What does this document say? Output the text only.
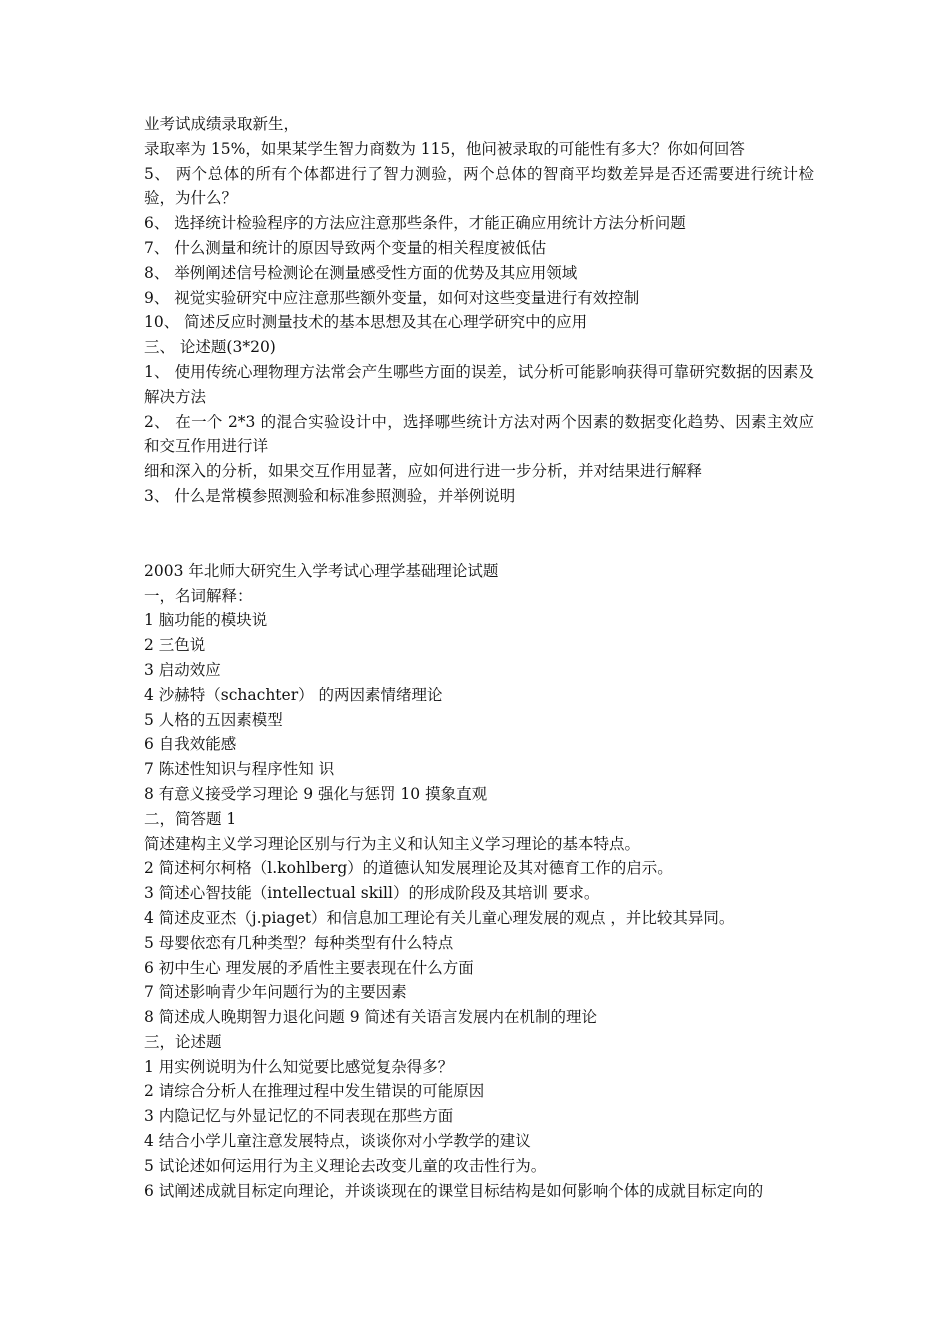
业考试成绩录取新生，

录取率为 15%，如果某学生智力商数为 115，他问被录取的可能性有多大？你如何回答

5、 两个总体的所有个体都进行了智力测验，两个总体的智商平均数差异是否还需要进行统计检验，为什么？

6、 选择统计检验程序的方法应注意那些条件，才能正确应用统计方法分析问题

7、 什么测量和统计的原因导致两个变量的相关程度被低估

8、 举例阐述信号检测论在测量感受性方面的优势及其应用领域

9、 视觉实验研究中应注意那些额外变量，如何对这些变量进行有效控制

10、 简述反应时测量技术的基本思想及其在心理学研究中的应用

三、 论述题(3*20)

1、 使用传统心理物理方法常会产生哪些方面的误差，试分析可能影响获得可靠研究数据的因素及解决方法

2、 在一个 2*3 的混合实验设计中，选择哪些统计方法对两个因素的数据变化趋势、因素主效应和交互作用进行详

细和深入的分析，如果交互作用显著，应如何进行进一步分析，并对结果进行解释

3、 什么是常模参照测验和标准参照测验，并举例说明

2003 年北师大研究生入学考试心理学基础理论试题

一，名词解释：

1 脑功能的模块说

2 三色说

3 启动效应

4 沙赫特（schachter） 的两因素情绪理论

5 人格的五因素模型

6 自我效能感

7 陈述性知识与程序性知 识

8 有意义接受学习理论 9 强化与惩罚 10 摸象直观

二，简答题 1

简述建构主义学习理论区别与行为主义和认知主义学习理论的基本特点。

2 简述柯尔柯格（l.kohlberg）的道德认知发展理论及其对德育工作的启示。

3 简述心智技能（intellectual skill）的形成阶段及其培训 要求。

4 简述皮亚杰（j.piaget）和信息加工理论有关儿童心理发展的观点 ，并比较其异同。

5 母婴依恋有几种类型？每种类型有什么特点

6 初中生心 理发展的矛盾性主要表现在什么方面

7 简述影响青少年问题行为的主要因素

8 简述成人晚期智力退化问题 9 简述有关语言发展内在机制的理论

三，论述题

1 用实例说明为什么知觉要比感觉复杂得多？

2 请综合分析人在推理过程中发生错误的可能原因

3 内隐记忆与外显记忆的不同表现在那些方面

4 结合小学儿童注意发展特点，谈谈你对小学教学的建议

5 试论述如何运用行为主义理论去改变儿童的攻击性行为。

6 试阐述成就目标定向理论，并谈谈现在的课堂目标结构是如何影响个体的成就目标定向的
